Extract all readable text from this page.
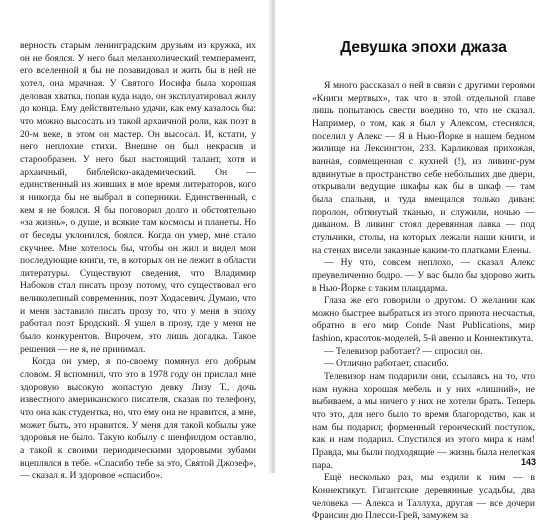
верность старым ленинградским друзьям из кружка, их он не боялся. У него был меланхолический темперамент, его вселенной я бы не позавидовал и жить бы в ней не хотел, она мрачная. У Святого Иосифа была хорошая деловая хватка, попав куда надо, он эксплуатировал жилу до конца. Ему действительно удачи, как ему казалось бы: что можно высосать из такой архаичной роли, как поэт в 20-м веке, в этом он мастер. Он высосал. И, кстати, у него неплохие стихи. Внешне он был некрасив и старообразен. У него был настоящий талант, хотя и архаичный, библейско-академический. Он — единственный из живших в мое время литераторов, кого я никогда бы не выбрал в соперники. Единственный, с кем я не боялся. Я бы поговорил долго и обстоятельно «за жизнь», о душе, и всякие там космосы и планеты. Но от беседы уклонился, боялся. Когда он умер, мне стало скучнее. Мне хотелось бы, чтобы он жил и видел мои последующие книги, те, в которых он не лежит в области литературы. Существуют сведения, что Владимир Набоков стал писать прозу потому, что существовал его великолепный современник, поэт Ходасевич. Думаю, что и меня заставило писать прозу то, что у меня в эпоху работал поэт Бродский. Я ушел в прозу, где у меня не было конкурентов. Впрочем, это лишь догадка. Такое решения — не я, не принимал.

Когда он умер, я по-своему помянул его добрым словом. Я вспомнил, что это в 1978 году он прислал мне здоровую высокую жопастую девку Лизу Т., дочь известного американского писателя, сказав по телефону, что она как студентка, но, что ему она не нравится, а мне, может быть, это нравится. У меня для такой кобылы уже здоровья не было. Такую кобылу с шенфилдом оставлю, а такой к своими периодическими здоровыми зубами вцеплялся в тебе. «Спасибо тебе за это, Святой Джозеф», — сказал я. И здоровое «спасибо».

Девушка эпохи джаза

Я много рассказал о ней в связи с другими героями «Книги мертвых», так что в этой отдельной главе лишь попытаюсь свести воедино то, что не сказал. Например, о том, как я был у Алексом, стеснялся, поселил у Алекс — Я в Нью-Йорке в нашем бедном жилище на Лексингтон, 233. Карликовая прихожая, ванная, совмещенная с кухней (!), из ливинг-рум вдвинутые в пространство себе небольших две двери, открывали ведущие шкафы как бы в шкаф — там была спальня, и туда вмещался только диван: поролон, обтянутый тканью, и служили, ночью — диваном. В ливинг стоял деревянная лавка — под стульчики, столы, на которых лежали наши книги, и на стенах висели заказные каким-то платками Елены.

— Ну что, совсем неплохо, — сказал Алекс преувеличенно бодро. — У вас было бы здорово жить в Нью-Йорке с таким плацдарма.

Глаза же его говорили о другом. О желании как можно быстрее выбраться из этого приюта несчастья, обратно в его мир Conde Nast Publications, мир fashion, красоток-моделей, 5-й авеню и Коннектикута.

— Телевизор работает? — спросил он.

— Отлично работает, спасибо.

Телевизор нам подарили они, ссылаясь на то, что нам нужна хорошая мебель и у них «лишний», не выбиваем, а мы ничего у них не хотели брать. Теперь что это, для него было то время благородство, как и нам бы подарил; форменный героический поступок, как и нам подарил. Спустился из этого мира к нам! Правда, мы были подходящие — жизнь была нелегкая пара.

Ещё несколько раз, мы ездили к ним — в Коннектикут. Гигантские деревянные усадьбы, два человека — Алекса и Таллуха, другая — все дочери Франсин дю Плесси-Грей, замужем за

143
